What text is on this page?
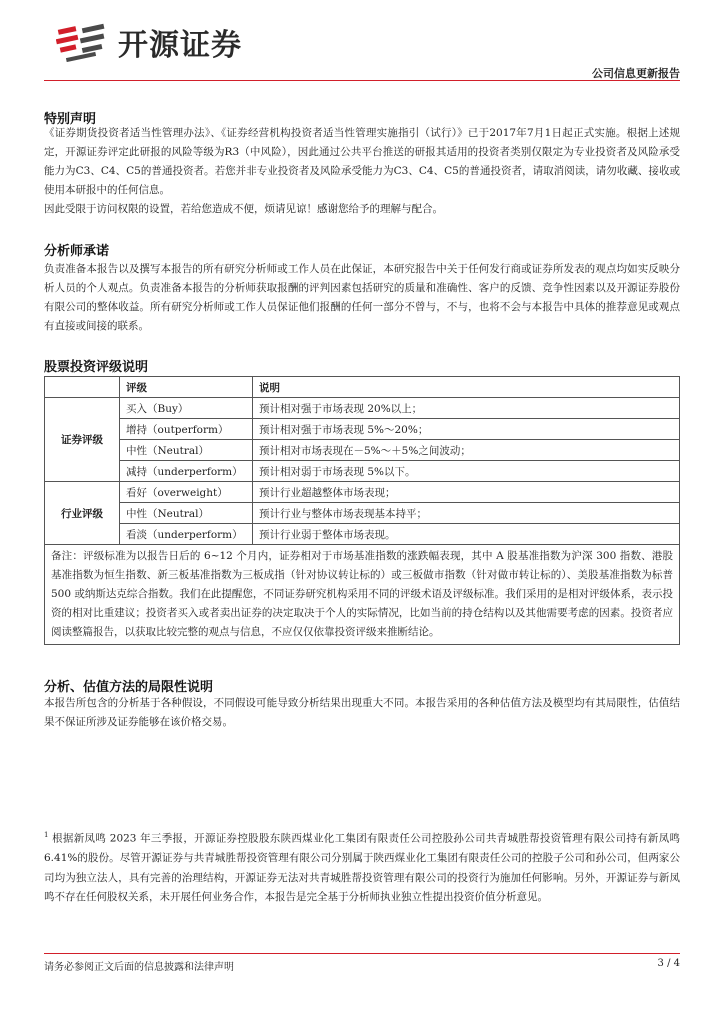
开源证券
公司信息更新报告
特别声明

《证券期货投资者适当性管理办法》、《证券经营机构投资者适当性管理实施指引（试行）》已于2017年7月1日起正式实施。根据上述规定，开源证券评定此研报的风险等级为R3（中风险），因此通过公共平台推送的研报其适用的投资者类别仅限定为专业投资者及风险承受能力为C3、C4、C5的普通投资者。若您并非专业投资者及风险承受能力为C3、C4、C5的普通投资者，请取消阅读，请勿收藏、接收或使用本研报中的任何信息。

因此受限于访问权限的设置，若给您造成不便，烦请见谅！感谢您给予的理解与配合。

分析师承诺

负责准备本报告以及撰写本报告的所有研究分析师或工作人员在此保证，本研究报告中关于任何发行商或证券所发表的观点均如实反映分析人员的个人观点。负责准备本报告的分析师获取报酬的评判因素包括研究的质量和准确性、客户的反馈、竞争性因素以及开源证券股份有限公司的整体收益。所有研究分析师或工作人员保证他们报酬的任何一部分不曾与，不与，也将不会与本报告中具体的推荐意见或观点有直接或间接的联系。

股票投资评级说明
	评级	说明
证券评级	买入（Buy）	预计相对强于市场表现 20%以上；
	增持（outperform）	预计相对强于市场表现 5%～20%；
	中性（Neutral）	预计相对市场表现在－5%～＋5%之间波动；
	减持（underperform）	预计相对弱于市场表现 5%以下。
行业评级	看好（overweight）	预计行业超越整体市场表现；
	中性（Neutral）	预计行业与整体市场表现基本持平；
	看淡（underperform）	预计行业弱于整体市场表现。
备注：评级标准为以报告日后的 6~12 个月内，证券相对于市场基准指数的涨跌幅表现，其中 A 股基准指数为沪深 300 指数、港股基准指数为恒生指数、新三板基准指数为三板成指（针对协议转让标的）或三板做市指数（针对做市转让标的）、美股基准指数为标普 500 或纳斯达克综合指数。我们在此提醒您，不同证券研究机构采用不同的评级术语及评级标准。我们采用的是相对评级体系，表示投资的相对比重建议；投资者买入或者卖出证券的决定取决于个人的实际情况，比如当前的持仓结构以及其他需要考虑的因素。投资者应阅读整篇报告，以获取比较完整的观点与信息，不应仅仅依靠投资评级来推断结论。		
分析、估值方法的局限性说明

本报告所包含的分析基于各种假设，不同假设可能导致分析结果出现重大不同。本报告采用的各种估值方法及模型均有其局限性，估值结果不保证所涉及证券能够在该价格交易。

$^1$ 根据新凤鸣 2023 年三季报，开源证券控股股东陕西煤业化工集团有限责任公司控股孙公司共青城胜帮投资管理有限公司持有新凤鸣 6.41%的股份。尽管开源证券与共青城胜帮投资管理有限公司分别属于陕西煤业化工集团有限责任公司的控股子公司和孙公司，但两家公司均为独立法人，具有完善的治理结构，开源证券无法对共青城胜帮投资管理有限公司的投资行为施加任何影响。另外，开源证券与新凤鸣不存在任何股权关系，未开展任何业务合作，本报告是完全基于分析师执业独立性提出投资价值分析意见。

请务必参阅正文后面的信息披露和法律声明	3 / 4
